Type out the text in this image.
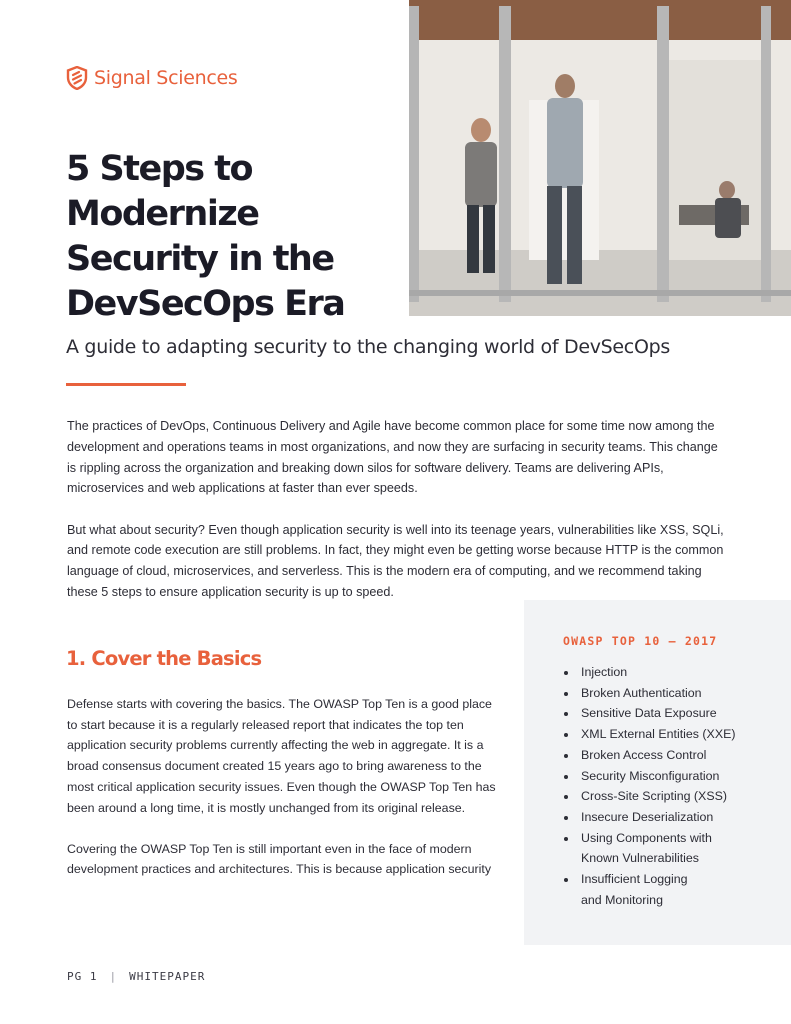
Signal Sciences
5 Steps to Modernize Security in the DevSecOps Era

A guide to adapting security to the changing world of DevSecOps

The practices of DevOps, Continuous Delivery and Agile have become common place for some time now among the development and operations teams in most organizations, and now they are surfacing in security teams. This change is rippling across the organization and breaking down silos for software delivery. Teams are delivering APIs, microservices and web applications at faster than ever speeds.

But what about security? Even though application security is well into its teenage years, vulnerabilities like XSS, SQLi, and remote code execution are still problems. In fact, they might even be getting worse because HTTP is the common language of cloud, microservices, and serverless. This is the modern era of computing, and we recommend taking these 5 steps to ensure application security is up to speed.

1. Cover the Basics

Defense starts with covering the basics. The OWASP Top Ten is a good place to start because it is a regularly released report that indicates the top ten application security problems currently affecting the web in aggregate. It is a broad consensus document created 15 years ago to bring awareness to the most critical application security issues. Even though the OWASP Top Ten has been around a long time, it is mostly unchanged from its original release.

Covering the OWASP Top Ten is still important even in the face of modern development practices and architectures. This is because application security

OWASP TOP 10 — 2017
Injection
Broken Authentication
Sensitive Data Exposure
XML External Entities (XXE)
Broken Access Control
Security Misconfiguration
Cross-Site Scripting (XSS)
Insecure Deserialization
Using Components with
Known Vulnerabilities
Insufficient Logging
and Monitoring
PG 1 | WHITEPAPER
